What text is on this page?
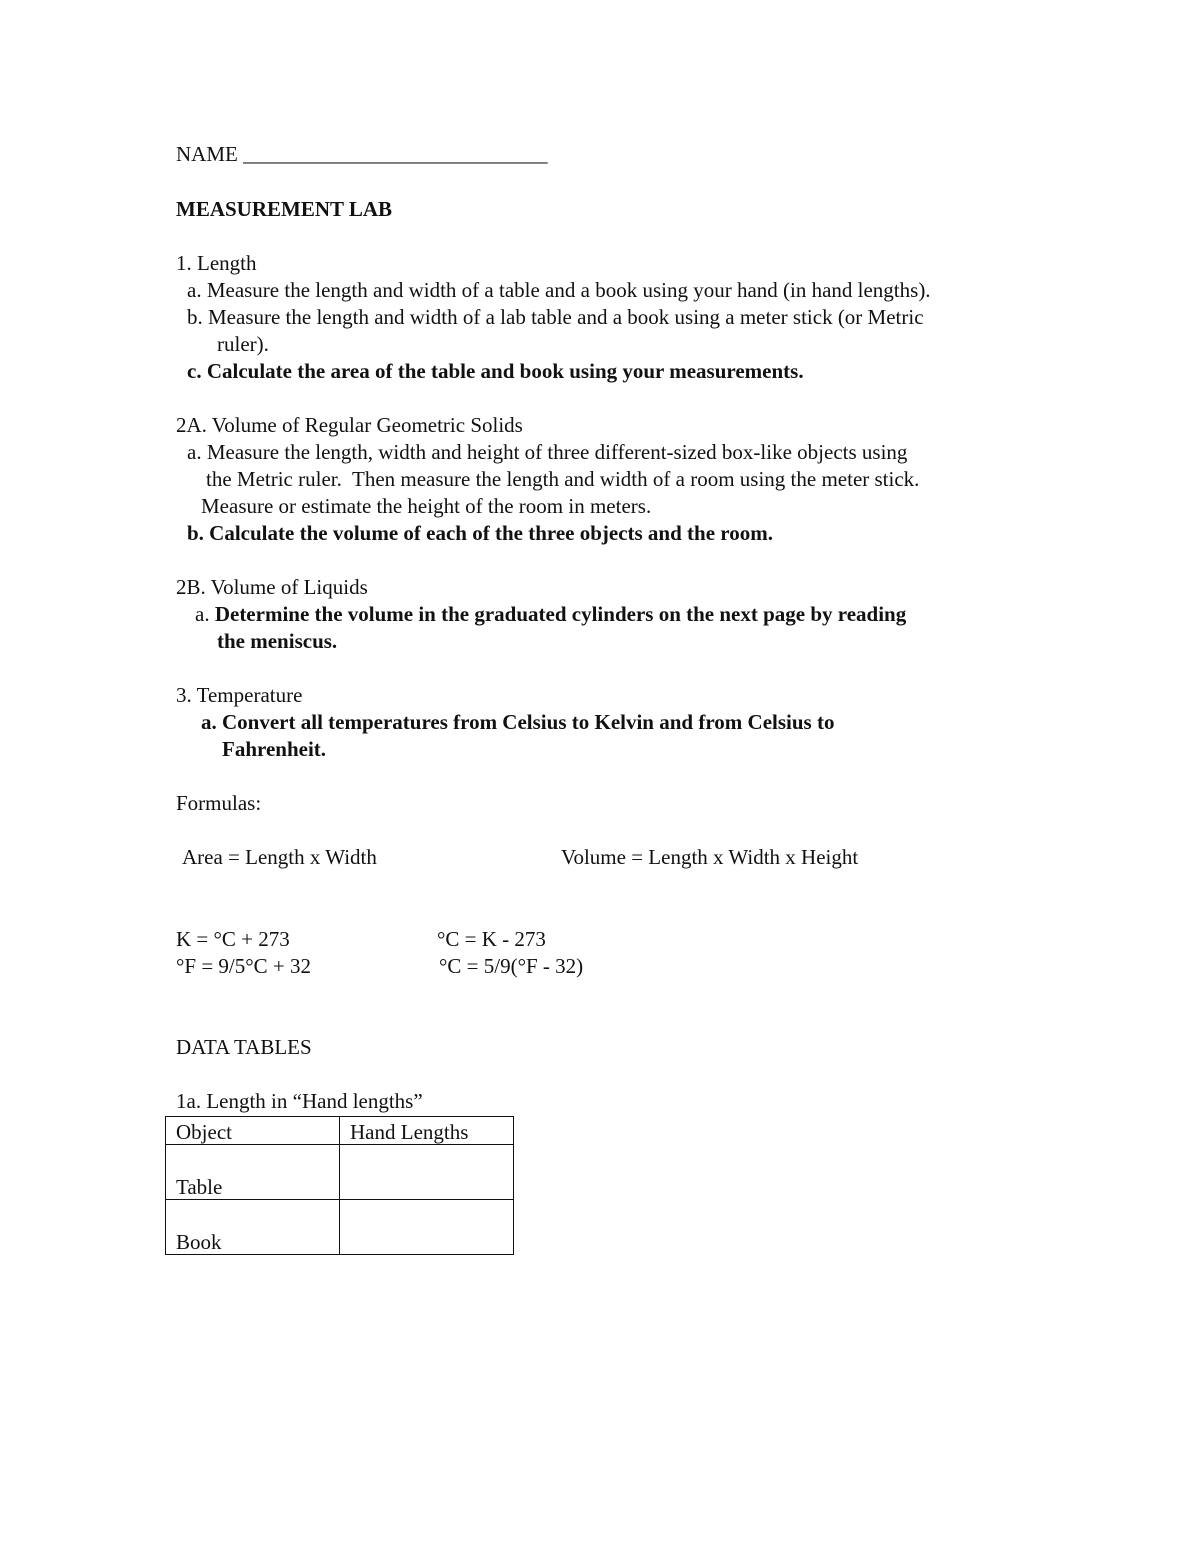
NAME _____________________________

MEASUREMENT LAB

1. Length

a. Measure the length and width of a table and a book using your hand (in hand lengths).

b. Measure the length and width of a lab table and a book using a meter stick (or Metric

ruler).

c. Calculate the area of the table and book using your measurements.

2A. Volume of Regular Geometric Solids

a. Measure the length, width and height of three different-sized box-like objects using

the Metric ruler.  Then measure the length and width of a room using the meter stick.

Measure or estimate the height of the room in meters.

b. Calculate the volume of each of the three objects and the room.

2B. Volume of Liquids

a. Determine the volume in the graduated cylinders on the next page by reading

the meniscus.

3. Temperature

a. Convert all temperatures from Celsius to Kelvin and from Celsius to

Fahrenheit.

Formulas:

Area = Length x Width	Volume = Length x Width x Height

K = °C + 273	°C = K - 273

°F = 9/5°C + 32	°C = 5/9(°F - 32)

DATA TABLES

1a. Length in “Hand lengths”

Object	Hand Lengths
Table	
Book	
